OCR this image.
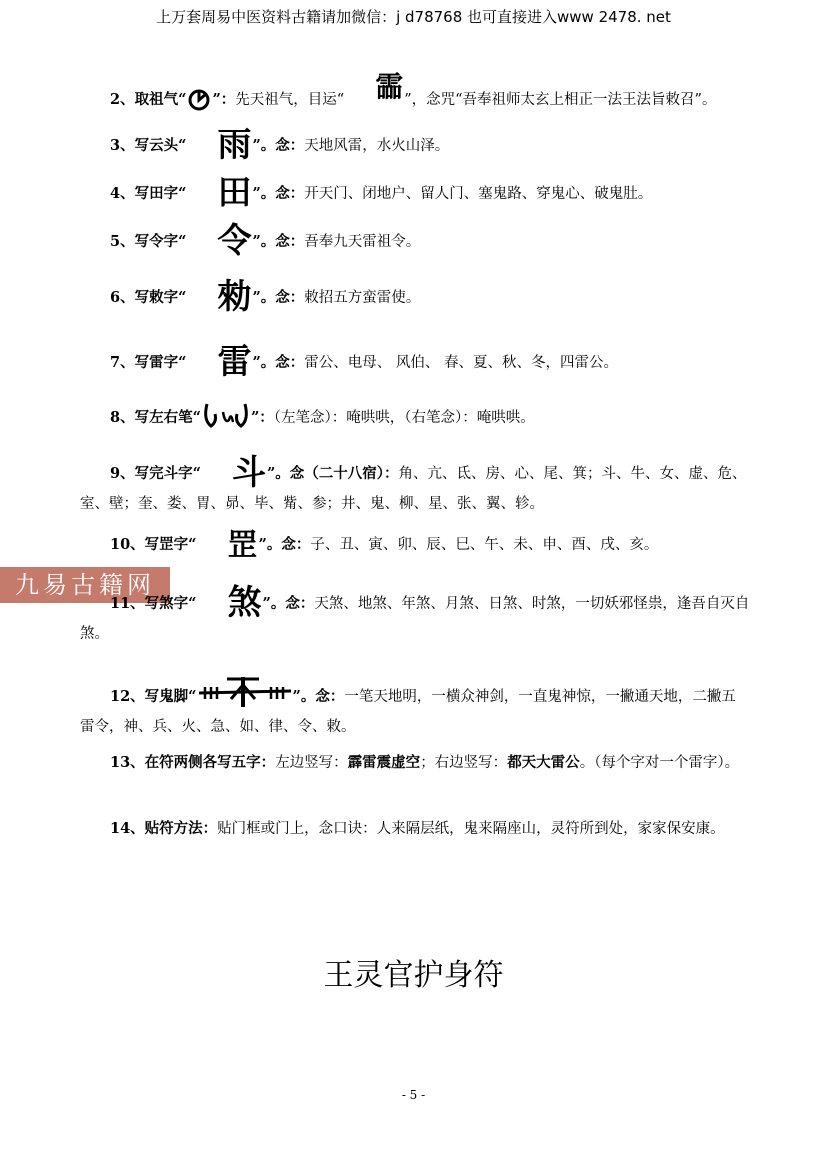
上万套周易中医资料古籍请加微信：j d78768 也可直接进入www 2478. net
2、取祖气“ ”：先天祖气，目运“ 霝”，念咒“吾奉祖师太玄上相正一法王法旨敕召”。
3、写云头“ 雨”。念：天地风雷，水火山泽。
4、写田字“ 田”。念：开天门、闭地户、留人门、塞鬼路、穿鬼心、破鬼肚。
5、写令字“ 令”。念：吾奉九天雷祖令。
6、写敕字“ 勑”。念：敕招五方蛮雷使。
7、写雷字“ 雷”。念：雷公、电母、 风伯、 春、夏、秋、冬，四雷公。
8、写左右笔“	”：（左笔念）：唵哄哄，（右笔念）：唵哄哄。
9、写完斗字“ 斗”。念（二十八宿）：角、亢、氐、房、心、尾、箕；斗、牛、女、虚、危、室、壁；奎、娄、胃、昴、毕、觜、参；井、鬼、柳、星、张、翼、轸。
10、写罡字“ 罡”。念：子、丑、寅、卯、辰、巳、午、未、申、酉、戌、亥。
九易古籍网
11、写煞字“ 煞”。念：天煞、地煞、年煞、月煞、日煞、时煞，一切妖邪怪祟，逢吾自灭自煞。
12、写鬼脚“	”。念：一笔天地明，一横众神剑，一直鬼神惊，一撇通天地，二撇五雷令，神、兵、火、急、如、律、令、敕。
13、在符两侧各写五字：左边竖写：霹雷震虚空；右边竖写：都天大雷公。（每个字对一个雷字）。
14、贴符方法：贴门框或门上，念口诀：人来隔层纸，鬼来隔座山，灵符所到处，家家保安康。
王灵官护身符
- 5 -
